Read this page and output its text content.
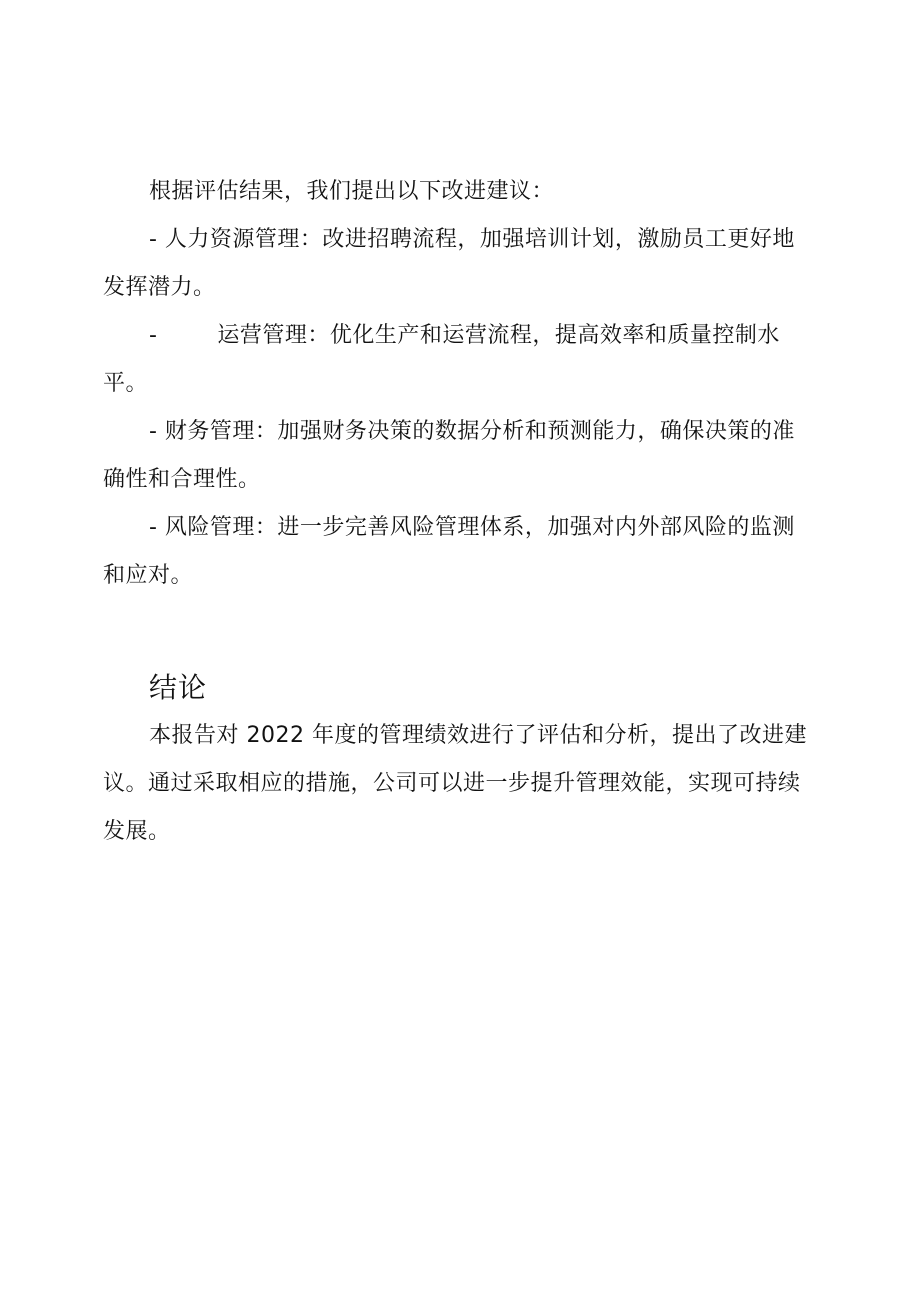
根据评估结果，我们提出以下改进建议：

- 人力资源管理：改进招聘流程，加强培训计划，激励员工更好地发挥潜力。

-        运营管理：优化生产和运营流程，提高效率和质量控制水平。

- 财务管理：加强财务决策的数据分析和预测能力，确保决策的准确性和合理性。

- 风险管理：进一步完善风险管理体系，加强对内外部风险的监测和应对。

结论

本报告对 2022 年度的管理绩效进行了评估和分析，提出了改进建议。通过采取相应的措施，公司可以进一步提升管理效能，实现可持续发展。
